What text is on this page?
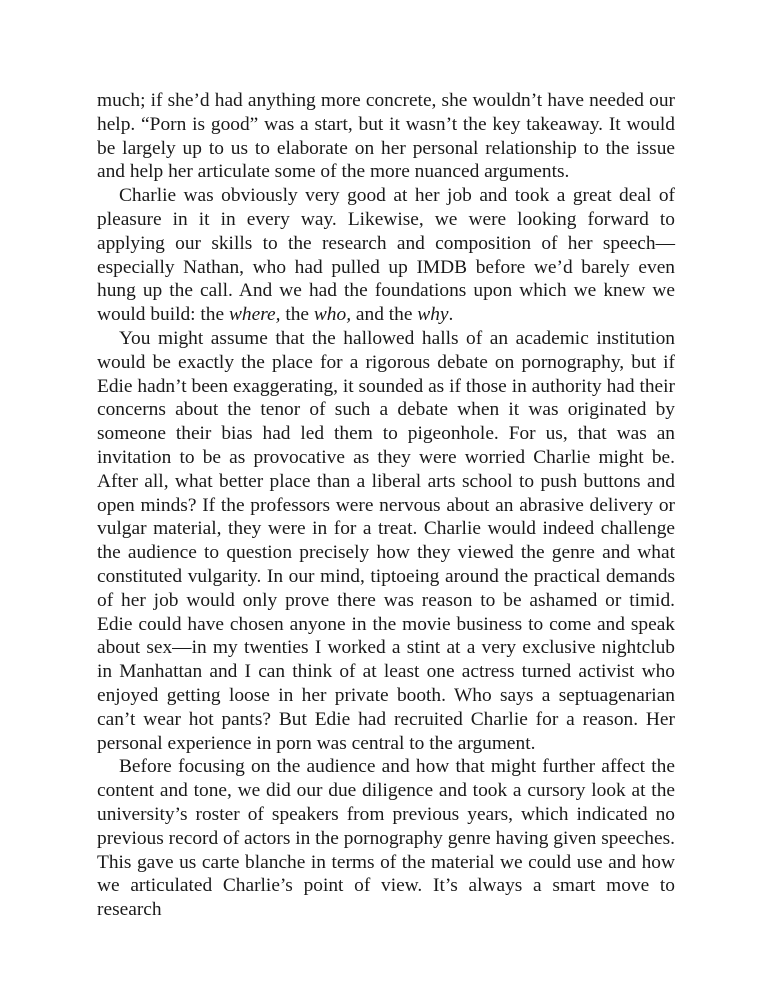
much; if she’d had anything more concrete, she wouldn’t have needed our help. “Porn is good” was a start, but it wasn’t the key takeaway. It would be largely up to us to elaborate on her personal relationship to the issue and help her articulate some of the more nuanced arguments.

Charlie was obviously very good at her job and took a great deal of pleasure in it in every way. Likewise, we were looking forward to applying our skills to the research and composition of her speech—especially Nathan, who had pulled up IMDB before we’d barely even hung up the call. And we had the foundations upon which we knew we would build: the where, the who, and the why.

You might assume that the hallowed halls of an academic institution would be exactly the place for a rigorous debate on pornography, but if Edie hadn’t been exaggerating, it sounded as if those in authority had their concerns about the tenor of such a debate when it was originated by someone their bias had led them to pigeonhole. For us, that was an invitation to be as provocative as they were worried Charlie might be. After all, what better place than a liberal arts school to push buttons and open minds? If the professors were nervous about an abrasive delivery or vulgar material, they were in for a treat. Charlie would indeed challenge the audience to question precisely how they viewed the genre and what constituted vulgarity. In our mind, tiptoeing around the practical demands of her job would only prove there was reason to be ashamed or timid. Edie could have chosen anyone in the movie business to come and speak about sex—in my twenties I worked a stint at a very exclusive nightclub in Manhattan and I can think of at least one actress turned activist who enjoyed getting loose in her private booth. Who says a septuagenarian can’t wear hot pants? But Edie had recruited Charlie for a reason. Her personal experience in porn was central to the argument.

Before focusing on the audience and how that might further affect the content and tone, we did our due diligence and took a cursory look at the university’s roster of speakers from previous years, which indicated no previous record of actors in the pornography genre having given speeches. This gave us carte blanche in terms of the material we could use and how we articulated Charlie’s point of view. It’s always a smart move to research
